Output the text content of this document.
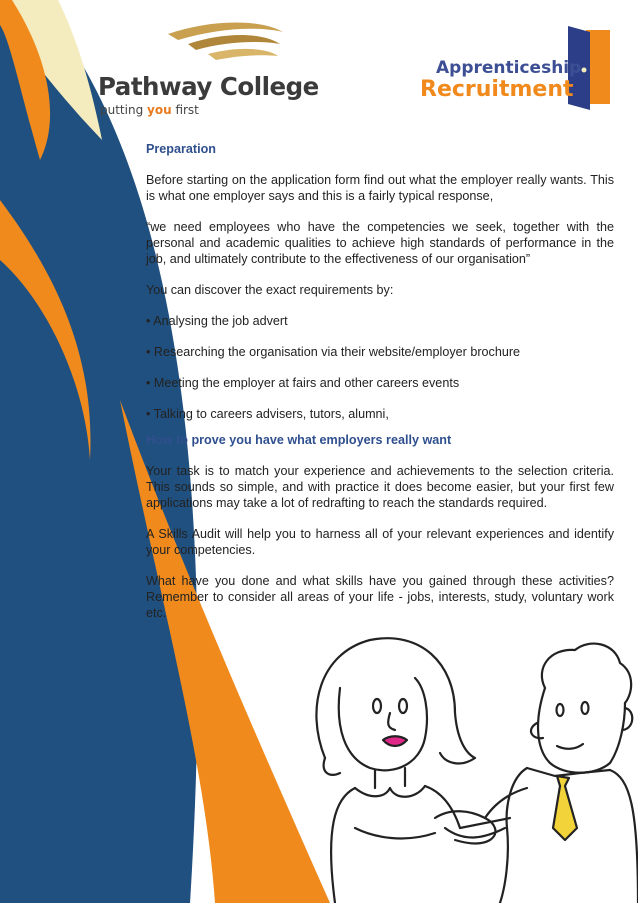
Pathway College
putting you first
Apprenticeship
Recruitment
Preparation

Before starting on the application form find out what the employer really wants. This is what one employer says and this is a fairly typical response,

“we need employees who have the competencies we seek, together with the personal and academic qualities to achieve high standards of performance in the job, and ultimately contribute to the effectiveness of our organisation”

You can discover the exact requirements by:

• Analysing the job advert

• Researching the organisation via their website/employer brochure

• Meeting the employer at fairs and other careers events

• Talking to careers advisers, tutors, alumni,

How to prove you have what employers really want

Your task is to match your experience and achievements to the selection criteria. This sounds so simple, and with practice it does become easier, but your first few applications may take a lot of redrafting to reach the standards required.

A Skills Audit will help you to harness all of your relevant experiences and identify your competencies.

What have you done and what skills have you gained through these activities? Remember to consider all areas of your life - jobs, interests, study, voluntary work etc.
